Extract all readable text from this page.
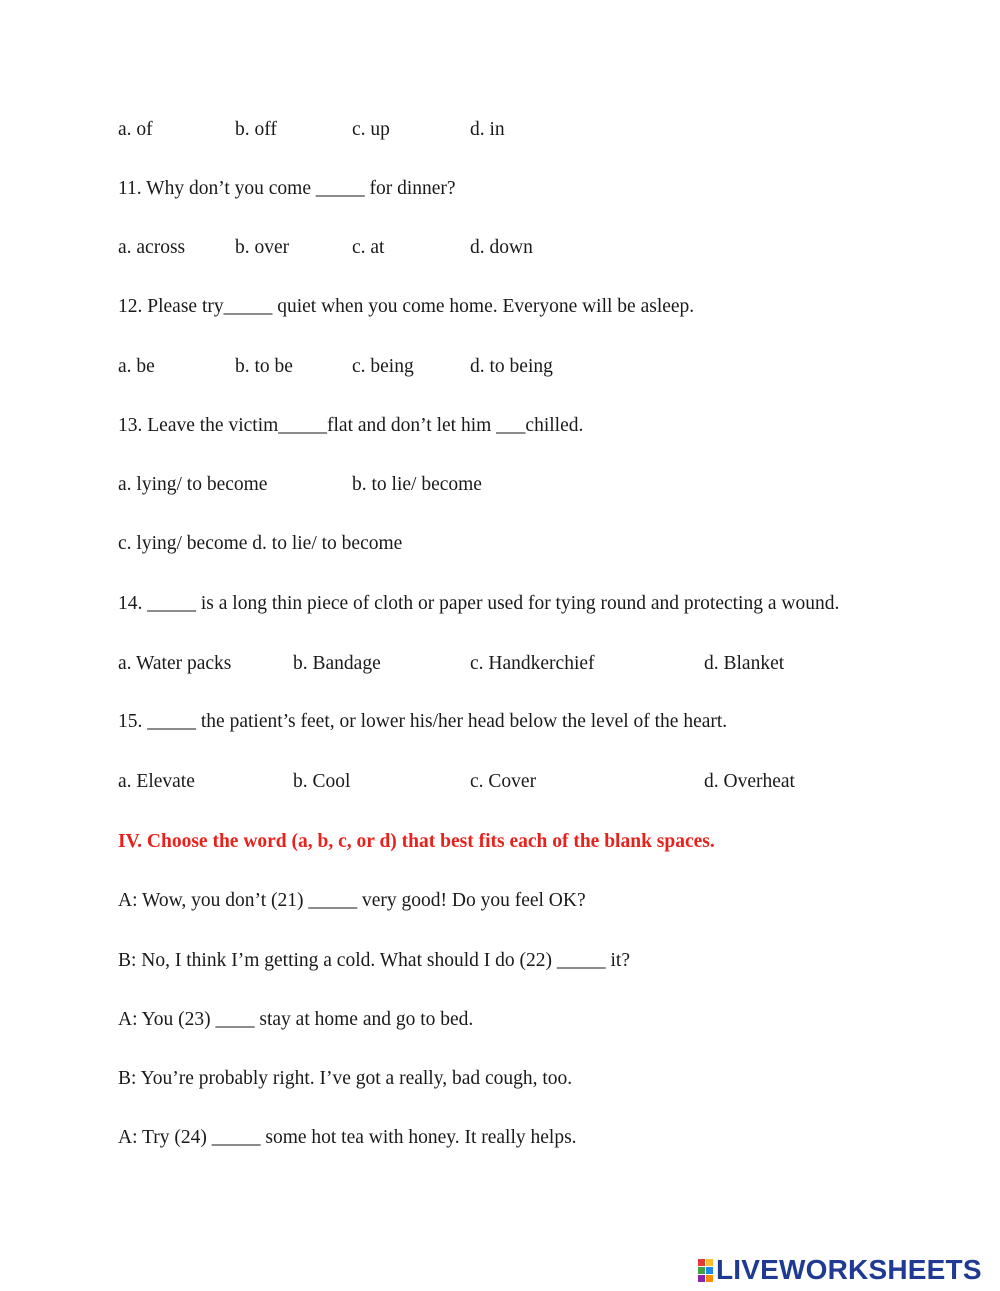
a. of	b. off	c. up	d. in
11. Why don’t you come _____ for dinner?
a. across	b. over	c. at	d. down
12. Please try_____ quiet when you come home. Everyone will be asleep.
a. be	b. to be	c. being	d. to being
13. Leave the victim_____flat and don’t let him ___chilled.
a. lying/ to become	b. to lie/ become
c. lying/ become d. to lie/ to become
14. _____ is a long thin piece of cloth or paper used for tying round and protecting a wound.
a. Water packs	b. Bandage	c. Handkerchief	d. Blanket
15. _____ the patient’s feet, or lower his/her head below the level of the heart.
a. Elevate	b. Cool	c. Cover	d. Overheat
IV. Choose the word (a, b, c, or d) that best fits each of the blank spaces.
A: Wow, you don’t (21) _____ very good! Do you feel OK?
B: No, I think I’m getting a cold. What should I do (22) _____ it?
A: You (23) ____ stay at home and go to bed.
B: You’re probably right. I’ve got a really, bad cough, too.
A: Try (24) _____ some hot tea with honey. It really helps.
LIVEWORKSHEETS
